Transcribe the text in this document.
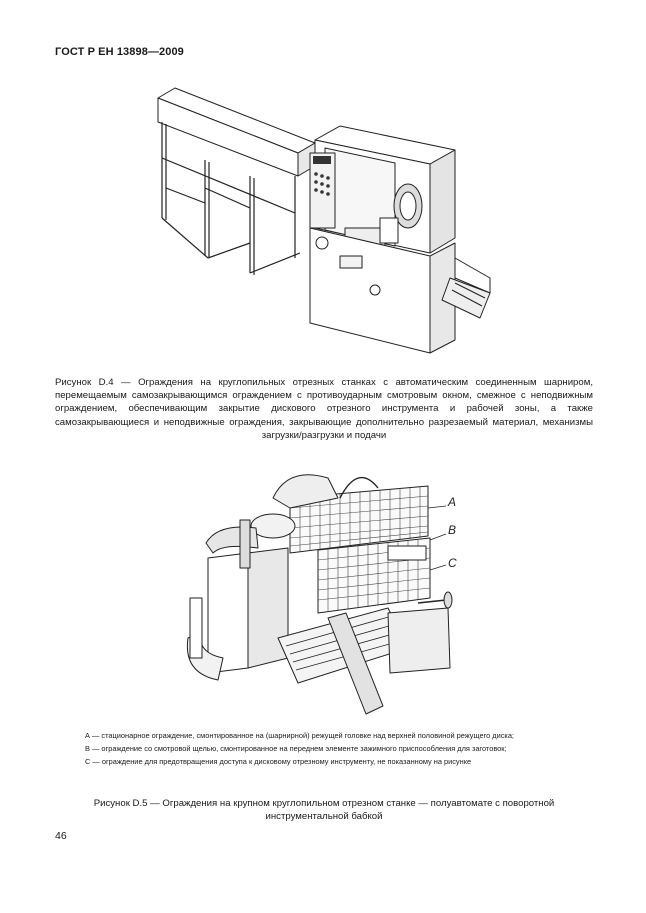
ГОСТ Р ЕН 13898—2009
Рисунок D.4 — Ограждения на круглопильных отрезных станках с автоматическим соединенным шарниром, перемещаемым самозакрывающимся ограждением с противоударным смотровым окном, смежное с неподвижным ограждением, обеспечивающим закрытие дискового отрезного инструмента и рабочей зоны, а также самозакрывающиеся и неподвижные ограждения, закрывающие дополнительно разрезаемый материал, механизмы загрузки/разгрузки и подачи
A
B
C
А — стационарное ограждение, смонтированное на (шарнирной) режущей головке над верхней половиной режущего диска;
В — ограждение со смотровой щелью, смонтированное на переднем элементе зажимного приспособления для заготовок;
С — ограждение для предотвращения доступа к дисковому отрезному инструменту, не показанному на рисунке
Рисунок D.5 — Ограждения на крупном круглопильном отрезном станке — полуавтомате с поворотной инструментальной бабкой
46
